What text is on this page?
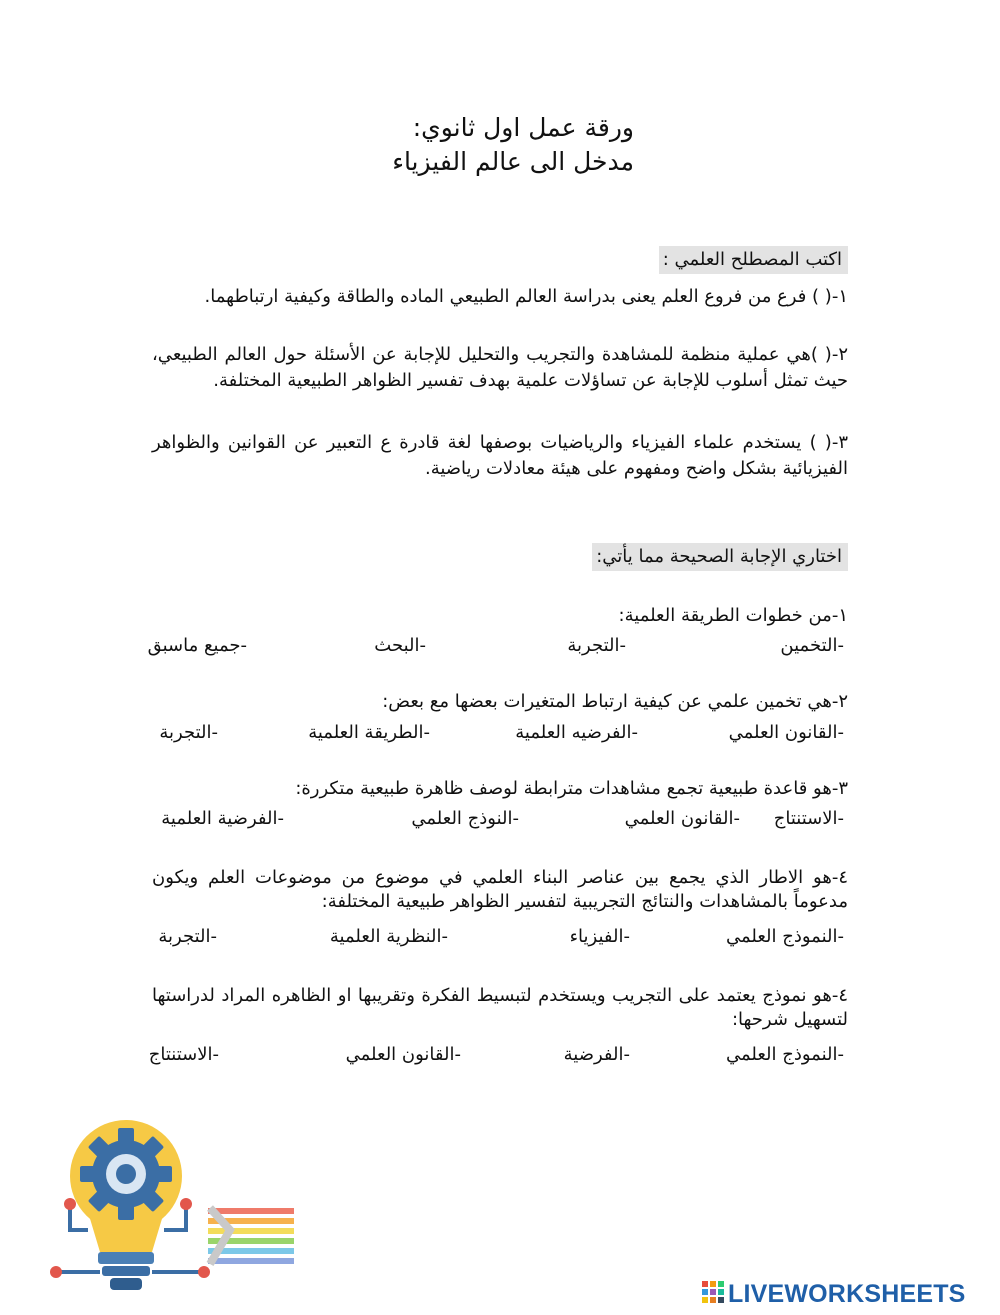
ورقة عمل اول ثانوي:
مدخل الى عالم الفيزياء
اكتب المصطلح العلمي :
١-( ) فرع من فروع العلم يعنى بدراسة العالم الطبيعي الماده والطاقة وكيفية ارتباطهما.
٢-( )هي عملية منظمة للمشاهدة والتجريب والتحليل للإجابة عن الأسئلة حول العالم الطبيعي، حيث تمثل أسلوب للإجابة عن تساؤلات علمية بهدف تفسير الظواهر الطبيعية المختلفة.
٣-( ) يستخدم علماء الفيزياء والرياضيات بوصفها لغة قادرة ع التعبير عن القوانين والظواهر الفيزيائية بشكل واضح ومفهوم على هيئة معادلات رياضية.
اختاري الإجابة الصحيحة مما يأتي:
١-من خطوات الطريقة العلمية:
-التخمين
-التجربة
-البحث
-جميع ماسبق
٢-هي تخمين علمي عن كيفية ارتباط المتغيرات بعضها مع بعض:
-القانون العلمي
-الفرضيه العلمية
-الطريقة العلمية
-التجربة
٣-هو قاعدة طبيعية تجمع مشاهدات مترابطة لوصف ظاهرة طبيعية متكررة:
-الاستنتاج
-القانون العلمي
-النوذج العلمي
-الفرضية العلمية
٤-هو الاطار الذي يجمع بين عناصر البناء العلمي في موضوع من موضوعات العلم ويكون مدعوماً بالمشاهدات والنتائج التجريبية لتفسير الظواهر طبيعية المختلفة:
-النموذج العلمي
-الفيزياء
-النظرية العلمية
-التجربة
٤-هو نموذج يعتمد على التجريب ويستخدم لتبسيط الفكرة وتقريبها او الظاهره المراد لدراستها لتسهيل شرحها:
-النموذج العلمي
-الفرضية
-القانون العلمي
-الاستنتاج
LIVEWORKSHEETS
